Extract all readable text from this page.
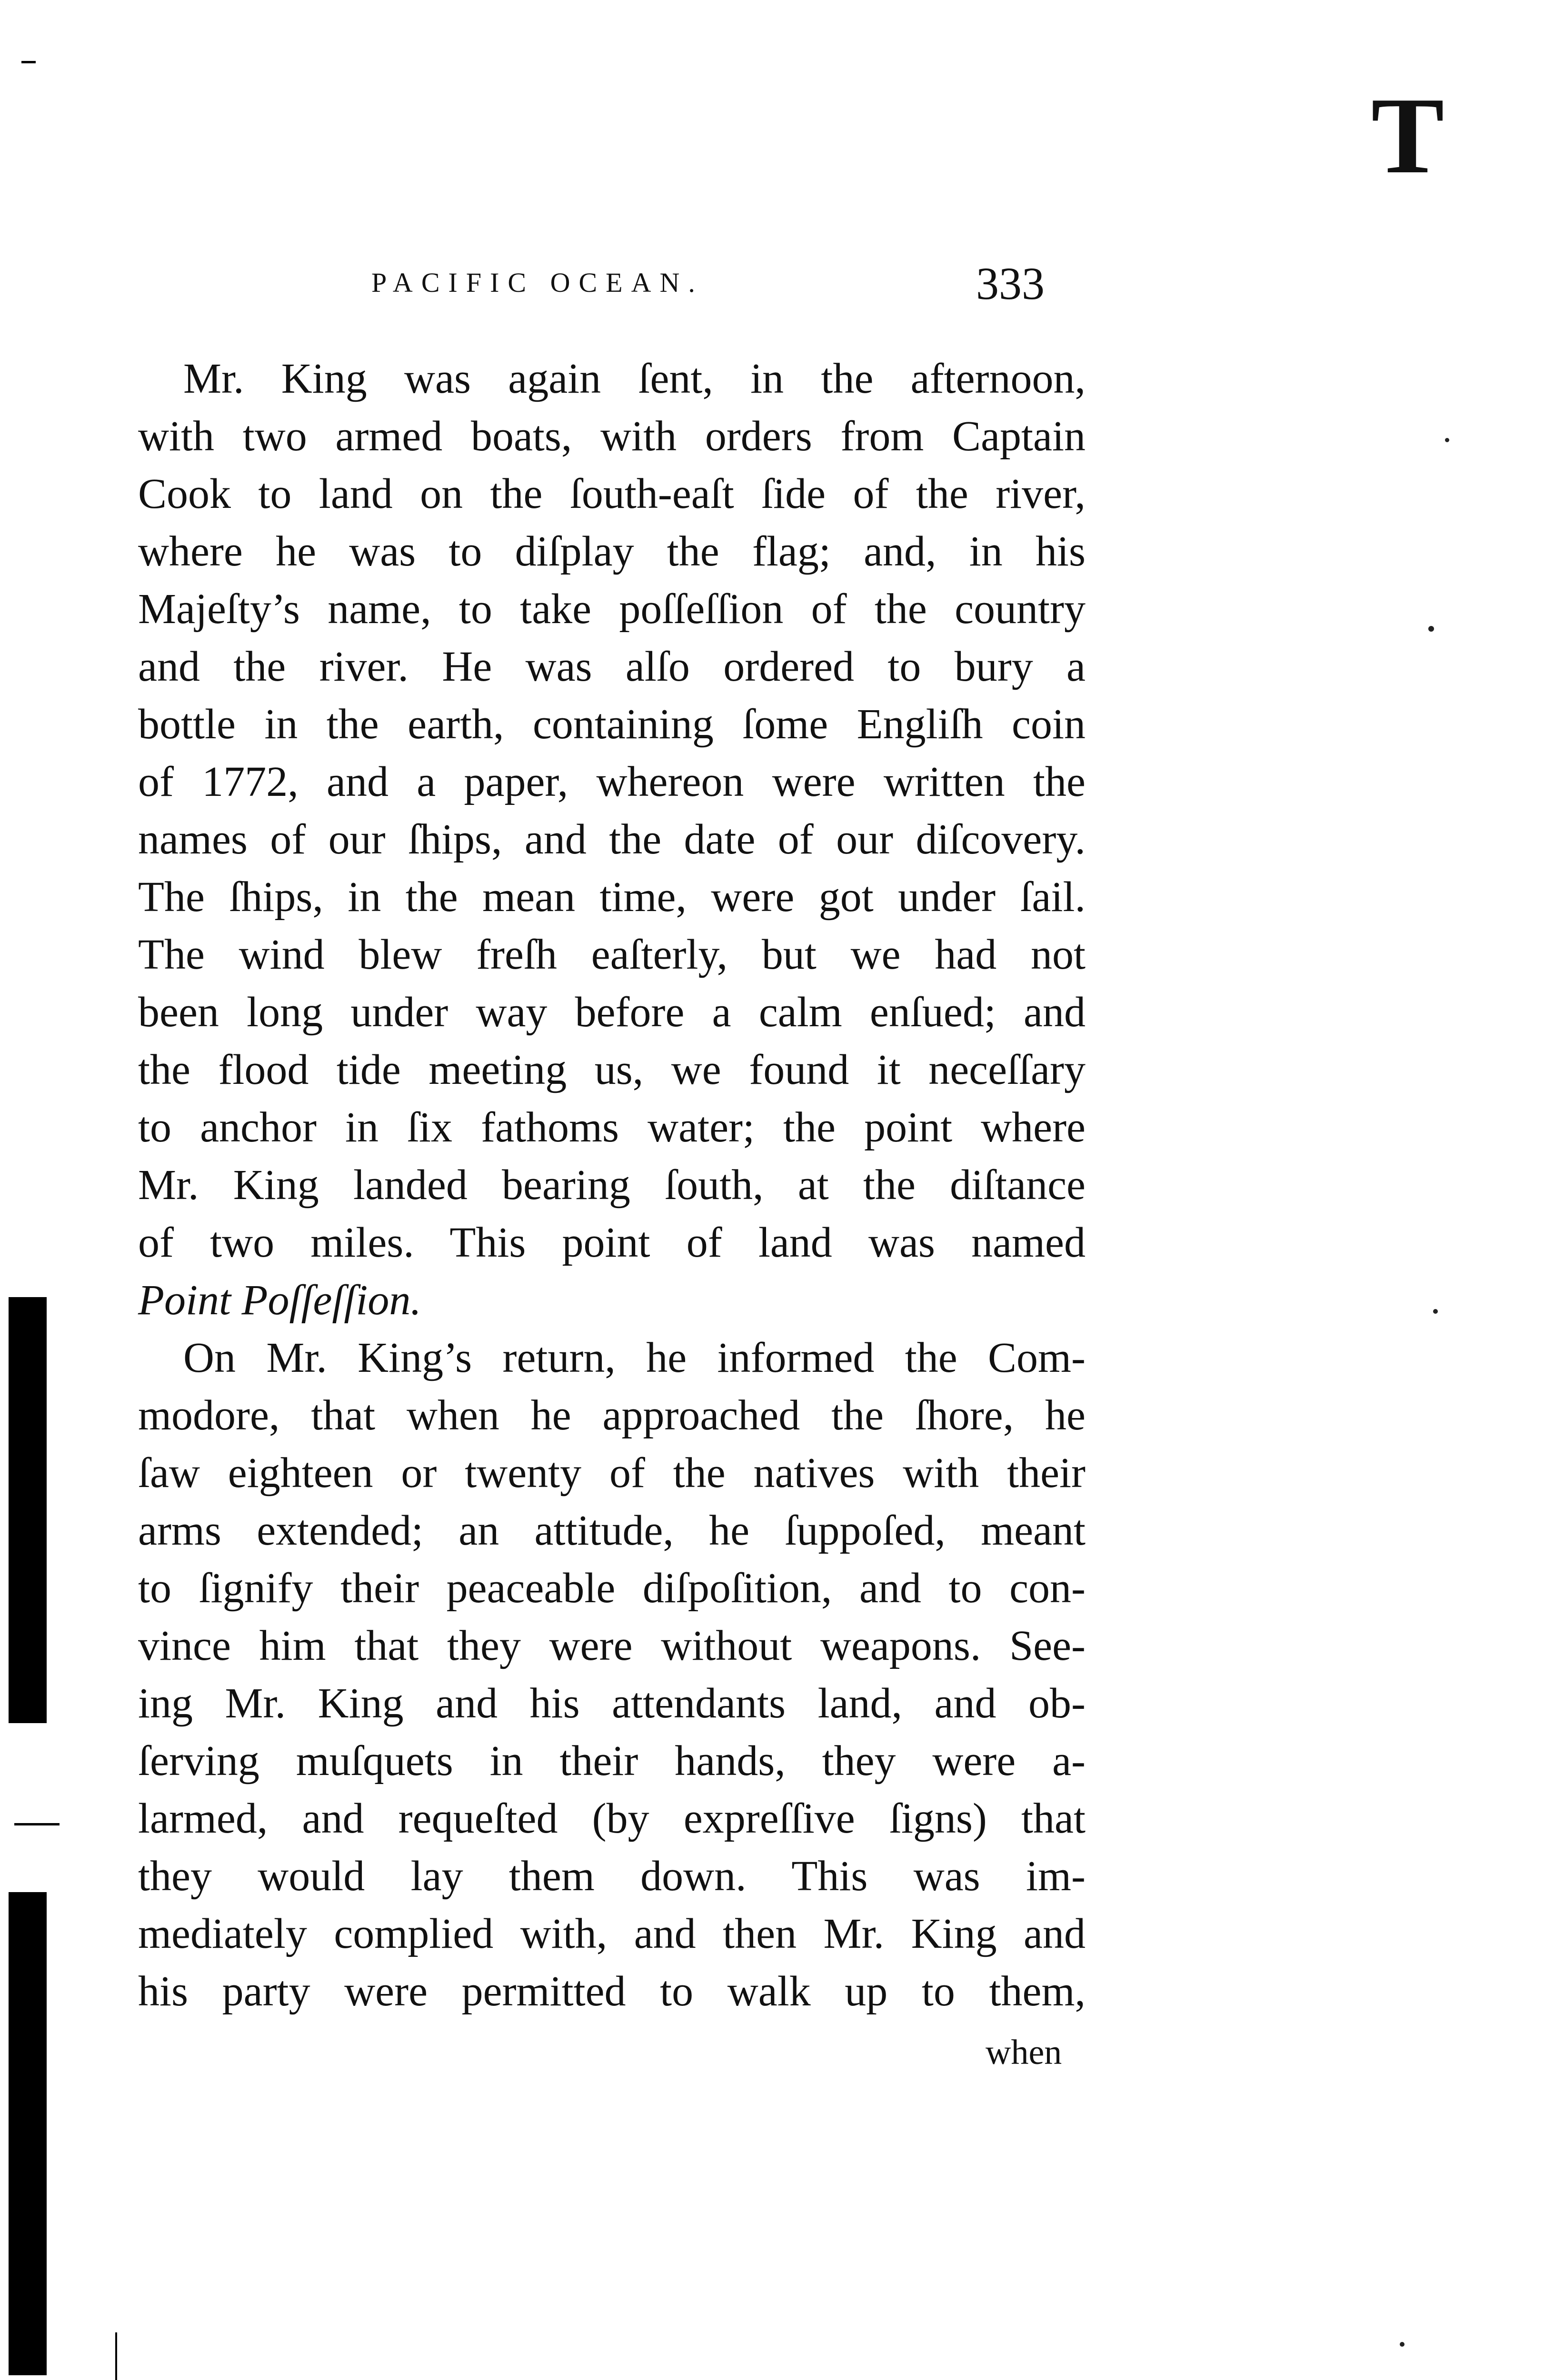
T
PACIFIC OCEAN.	333
Mr. King was again ſent, in the afternoon,
with two armed boats, with orders from Captain
Cook to land on the ſouth-eaſt ſide of the river,
where he was to diſplay the flag; and, in his
Majeſty’s name, to take poſſeſſion of the country
and the river. He was alſo ordered to bury a
bottle in the earth, containing ſome Engliſh coin
of 1772, and a paper, whereon were written the
names of our ſhips, and the date of our diſcovery.
The ſhips, in the mean time, were got under ſail.
The wind blew freſh eaſterly, but we had not
been long under way before a calm enſued; and
the flood tide meeting us, we found it neceſſary
to anchor in ſix fathoms water; the point where
Mr. King landed bearing ſouth, at the diſtance
of two miles. This point of land was named
Point Poſſeſſion.
On Mr. King’s return, he informed the Com-
modore, that when he approached the ſhore, he
ſaw eighteen or twenty of the natives with their
arms extended; an attitude, he ſuppoſed, meant
to ſignify their peaceable diſpoſition, and to con-
vince him that they were without weapons. See-
ing Mr. King and his attendants land, and ob-
ſerving muſquets in their hands, they were a-
larmed, and requeſted (by expreſſive ſigns) that
they would lay them down. This was im-
mediately complied with, and then Mr. King and
his party were permitted to walk up to them,
when
